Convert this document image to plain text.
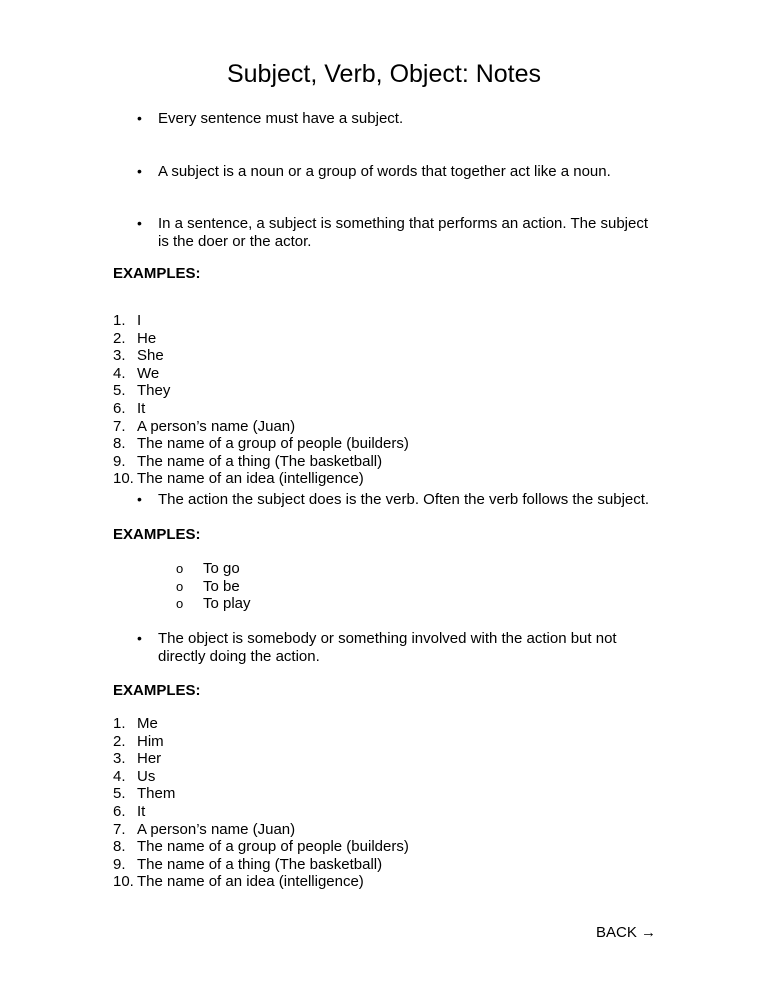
Subject, Verb, Object: Notes
• Every sentence must have a subject.
• A subject is a noun or a group of words that together act like a noun.
• In a sentence, a subject is something that performs an action. The subject is the doer or the actor.
EXAMPLES:
1. I
2. He
3. She
4. We
5. They
6. It
7. A person’s name (Juan)
8. The name of a group of people (builders)
9. The name of a thing (The basketball)
10. The name of an idea (intelligence)
• The action the subject does is the verb. Often the verb follows the subject.
EXAMPLES:
o To go
o To be
o To play
• The object is somebody or something involved with the action but not directly doing the action.
EXAMPLES:
1. Me
2. Him
3. Her
4. Us
5. Them
6. It
7. A person’s name (Juan)
8. The name of a group of people (builders)
9. The name of a thing (The basketball)
10. The name of an idea (intelligence)
BACK →
